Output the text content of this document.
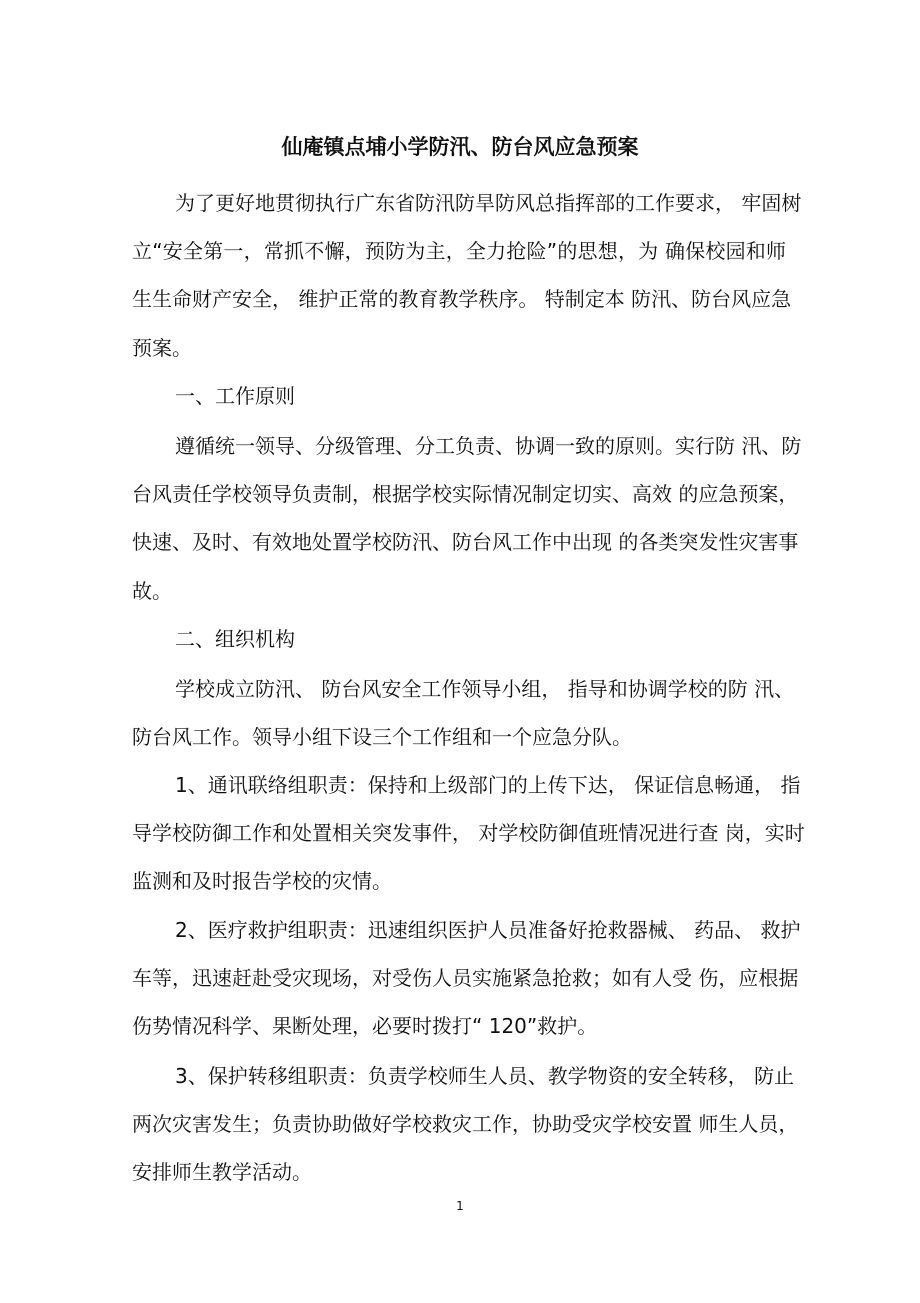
仙庵镇点埔小学防汛、防台风应急预案
为了更好地贯彻执行广东省防汛防旱防风总指挥部的工作要求， 牢固树
立“安全第一，常抓不懈，预防为主，全力抢险”的思想，为 确保校园和师
生生命财产安全， 维护正常的教育教学秩序。 特制定本 防汛、防台风应急
预案。
一、工作原则
遵循统一领导、分级管理、分工负责、协调一致的原则。实行防 汛、防
台风责任学校领导负责制，根据学校实际情况制定切实、高效 的应急预案，
快速、及时、有效地处置学校防汛、防台风工作中出现 的各类突发性灾害事
故。
二、组织机构
学校成立防汛、 防台风安全工作领导小组， 指导和协调学校的防 汛、
防台风工作。领导小组下设三个工作组和一个应急分队。
1、通讯联络组职责：保持和上级部门的上传下达， 保证信息畅通， 指
导学校防御工作和处置相关突发事件， 对学校防御值班情况进行查 岗，实时
监测和及时报告学校的灾情。
2、医疗救护组职责：迅速组织医护人员准备好抢救器械、 药品、 救护
车等，迅速赶赴受灾现场，对受伤人员实施紧急抢救；如有人受 伤，应根据
伤势情况科学、果断处理，必要时拨打“ 120”救护。
3、保护转移组职责：负责学校师生人员、教学物资的安全转移， 防止
两次灾害发生；负责协助做好学校救灾工作，协助受灾学校安置 师生人员，
安排师生教学活动。
1
